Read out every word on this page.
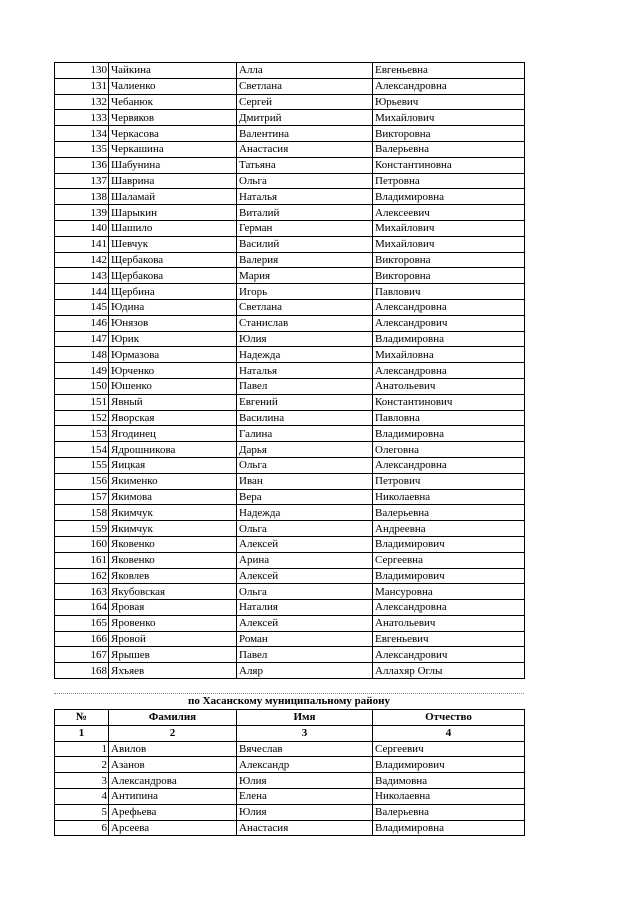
130	Чайкина	Алла	Евгеньевна
131	Чалиенко	Светлана	Александровна
132	Чебанюк	Сергей	Юрьевич
133	Червяков	Дмитрий	Михайлович
134	Черкасова	Валентина	Викторовна
135	Черкашина	Анастасия	Валерьевна
136	Шабунина	Татьяна	Константиновна
137	Шаврина	Ольга	Петровна
138	Шаламай	Наталья	Владимировна
139	Шарыкин	Виталий	Алексеевич
140	Шашило	Герман	Михайлович
141	Шевчук	Василий	Михайлович
142	Щербакова	Валерия	Викторовна
143	Щербакова	Мария	Викторовна
144	Щербина	Игорь	Павлович
145	Юдина	Светлана	Александровна
146	Юнязов	Станислав	Александрович
147	Юрик	Юлия	Владимировна
148	Юрмазова	Надежда	Михайловна
149	Юрченко	Наталья	Александровна
150	Юшенко	Павел	Анатольевич
151	Явный	Евгений	Константинович
152	Яворская	Василина	Павловна
153	Ягодинец	Галина	Владимировна
154	Ядрошникова	Дарья	Олеговна
155	Яицкая	Ольга	Александровна
156	Якименко	Иван	Петрович
157	Якимова	Вера	Николаевна
158	Якимчук	Надежда	Валерьевна
159	Якимчук	Ольга	Андреевна
160	Яковенко	Алексей	Владимирович
161	Яковенко	Арина	Сергеевна
162	Яковлев	Алексей	Владимирович
163	Якубовская	Ольга	Мансуровна
164	Яровая	Наталия	Александровна
165	Яровенко	Алексей	Анатольевич
166	Яровой	Роман	Евгеньевич
167	Ярышев	Павел	Александрович
168	Яхъяев	Аляр	Аллахяр Оглы
по Хасанскому муниципальному району
№	Фамилия	Имя	Отчество
1	2	3	4
1	Авилов	Вячеслав	Сергеевич
2	Азанов	Александр	Владимирович
3	Александрова	Юлия	Вадимовна
4	Антипина	Елена	Николаевна
5	Арефьева	Юлия	Валерьевна
6	Арсеева	Анастасия	Владимировна
